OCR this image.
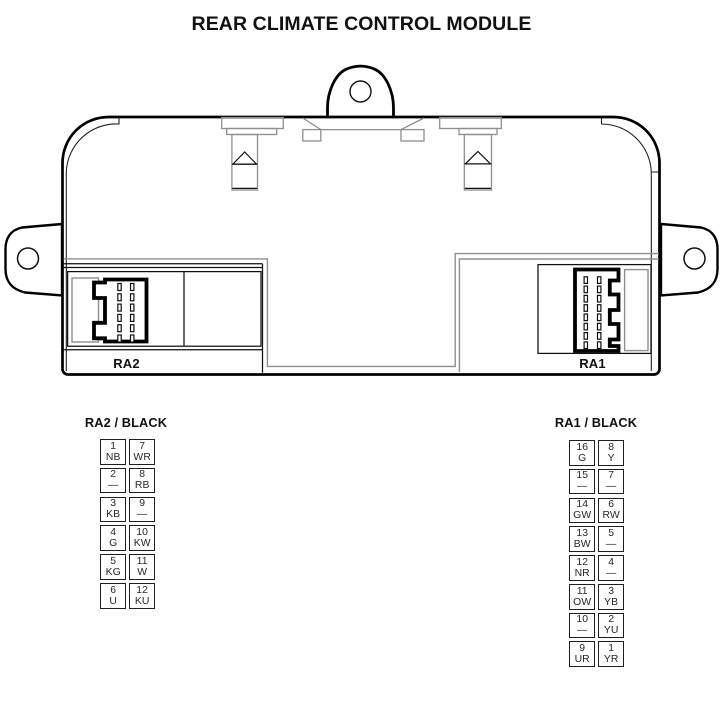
REAR CLIMATE CONTROL MODULE
RA2	RA1
RA2 / BLACK
1
NB
7
WR
2
—
8
RB
3
KB
9
—
4
G
10
KW
5
KG
11
W
6
U
12
KU
RA1 / BLACK
16
G
8
Y
15
—
7
—
14
GW
6
RW
13
BW
5
—
12
NR
4
—
11
OW
3
YB
10
—
2
YU
9
UR
1
YR
